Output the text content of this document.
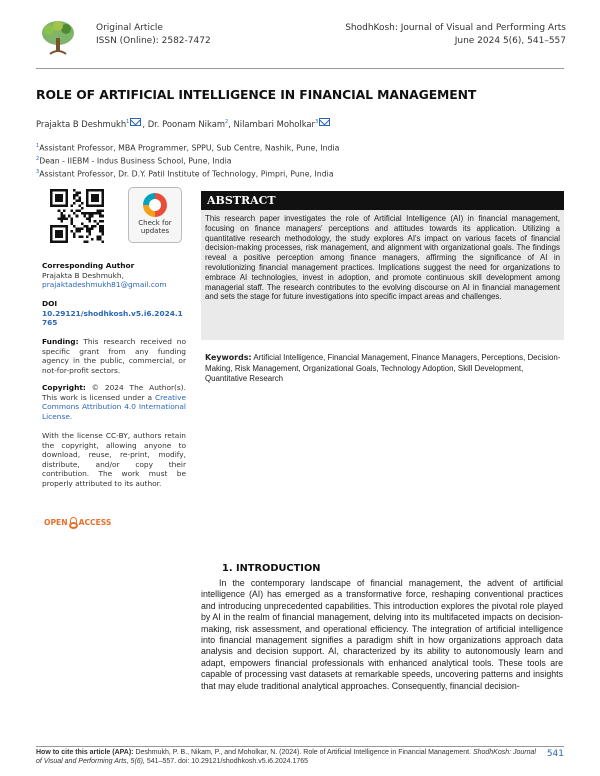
Original Article
ISSN (Online): 2582-7472
ShodhKosh: Journal of Visual and Performing Arts
June 2024 5(6), 541–557
ROLE OF ARTIFICIAL INTELLIGENCE IN FINANCIAL MANAGEMENT
Prajakta B Deshmukh$^1$ , Dr. Poonam Nikam$^2$, Nilambari Moholkar$^3$
$^1$Assistant Professor, MBA Programmer, SPPU, Sub Centre, Nashik, Pune, India
$^2$Dean - IIEBM - Indus Business School, Pune, India
$^3$Assistant Professor, Dr. D.Y. Patil Institute of Technology, Pimpri, Pune, India
Check for
updates
Corresponding Author
Prajakta B Deshmukh,
prajaktadeshmukh81@gmail.com
DOI
10.29121/shodhkosh.v5.i6.2024.1765
Funding: This research received no specific grant from any funding agency in the public, commercial, or not-for-profit sectors.
Copyright: © 2024 The Author(s). This work is licensed under a Creative Commons Attribution 4.0 International License.
With the license CC-BY, authors retain the copyright, allowing anyone to download, reuse, re-print, modify, distribute, and/or copy their contribution. The work must be properly attributed to its author.
OPEN ACCESS
ABSTRACT
This research paper investigates the role of Artificial Intelligence (AI) in financial management, focusing on finance managers' perceptions and attitudes towards its application. Utilizing a quantitative research methodology, the study explores AI's impact on various facets of financial decision-making processes, risk management, and alignment with organizational goals. The findings reveal a positive perception among finance managers, affirming the significance of AI in revolutionizing financial management practices. Implications suggest the need for organizations to embrace AI technologies, invest in adoption, and promote continuous skill development among managerial staff. The research contributes to the evolving discourse on AI in financial management and sets the stage for future investigations into specific impact areas and challenges.
Keywords: Artificial Intelligence, Financial Management, Finance Managers, Perceptions, Decision-Making, Risk Management, Organizational Goals, Technology Adoption, Skill Development, Quantitative Research
1. INTRODUCTION
In the contemporary landscape of financial management, the advent of artificial intelligence (AI) has emerged as a transformative force, reshaping conventional practices and introducing unprecedented capabilities. This introduction explores the pivotal role played by AI in the realm of financial management, delving into its multifaceted impacts on decision-making, risk assessment, and operational efficiency. The integration of artificial intelligence into financial management signifies a paradigm shift in how organizations approach data analysis and decision support. AI, characterized by its ability to autonomously learn and adapt, empowers financial professionals with enhanced analytical tools. These tools are capable of processing vast datasets at remarkable speeds, uncovering patterns and insights that may elude traditional analytical approaches. Consequently, financial decision-
How to cite this article (APA): Deshmukh, P. B., Nikam, P., and Moholkar, N. (2024). Role of Artificial Intelligence in Financial Management. ShodhKosh: Journal of Visual and Performing Arts, 5(6), 541–557. doi: 10.29121/shodhkosh.v5.i6.2024.1765
541
